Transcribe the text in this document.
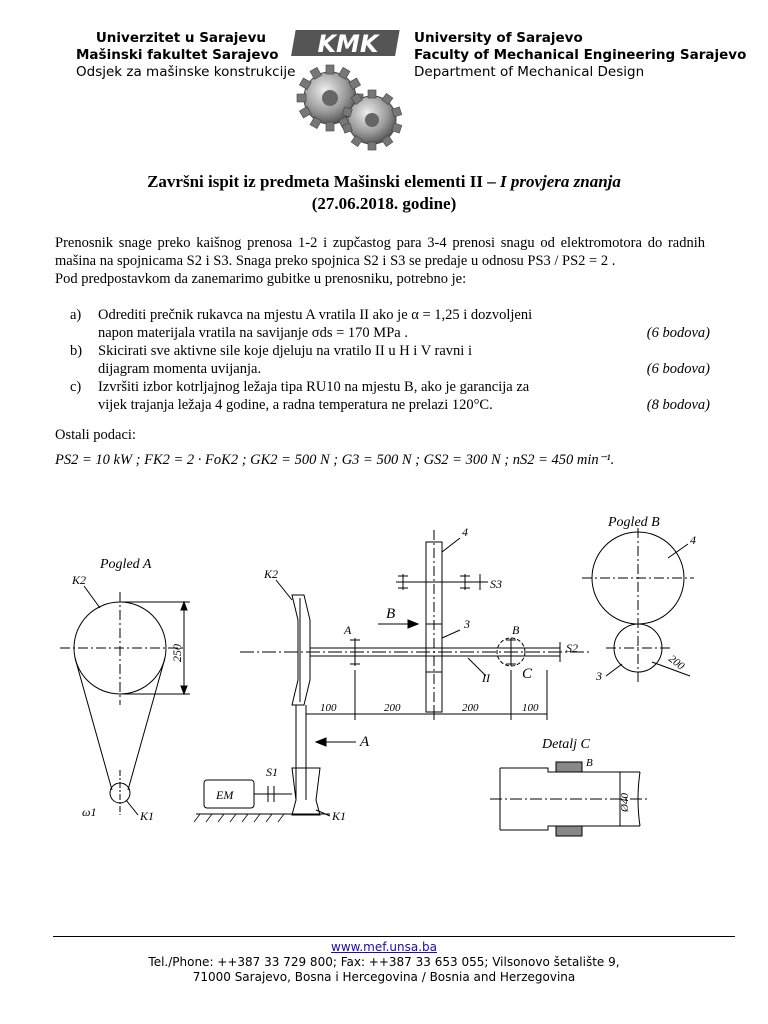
Univerzitet u Sarajevu
Mašinski fakultet Sarajevo
Odsjek za mašinske konstrukcije
KMK	University of Sarajevo
Faculty of Mechanical Engineering Sarajevo
Department of Mechanical Design
Završni ispit iz predmeta Mašinski elementi II – I provjera znanja
(27.06.2018. godine)
Prenosnik snage preko kaišnog prenosa 1-2 i zupčastog para 3-4 prenosi snagu od elektromotora do radnih mašina na spojnicama S2 i S3. Snaga preko spojnica S2 i S3 se predaje u odnosu PS3 / PS2 = 2 .
Pod predpostavkom da zanemarimo gubitke u prenosniku, potrebno je:
a) Odrediti prečnik rukavca na mjestu A vratila II ako je α = 1,25 i dozvoljeni
napon materijala vratila na savijanje σds = 170 MPa .	(6 bodova)
b) Skicirati sve aktivne sile koje djeluju na vratilo II u H i V ravni i
dijagram momenta uvijanja.	(6 bodova)
c) Izvršiti izbor kotrljajnog ležaja tipa RU10 na mjestu B, ako je garancija za
vijek trajanja ležaja 4 godine, a radna temperatura ne prelazi 120°C.	(8 bodova)
Ostali podaci:
PS2 = 10 kW ; FK2 = 2 · FoK2 ; GK2 = 500 N ; G3 = 500 N ; GS2 = 300 N ; nS2 = 450 min⁻¹.
Pogled A
250
K2
K1
ω1
K2
K1
EM
S1
A	B
C
S2
II
4
3
S3
B
A
100	200	200	100
Pogled B
4
3
200
Detalj C
B
Ø40
www.mef.unsa.ba
Tel./Phone: ++387 33 729 800; Fax: ++387 33 653 055; Vilsonovo šetalište 9,
71000 Sarajevo, Bosna i Hercegovina / Bosnia and Herzegovina
